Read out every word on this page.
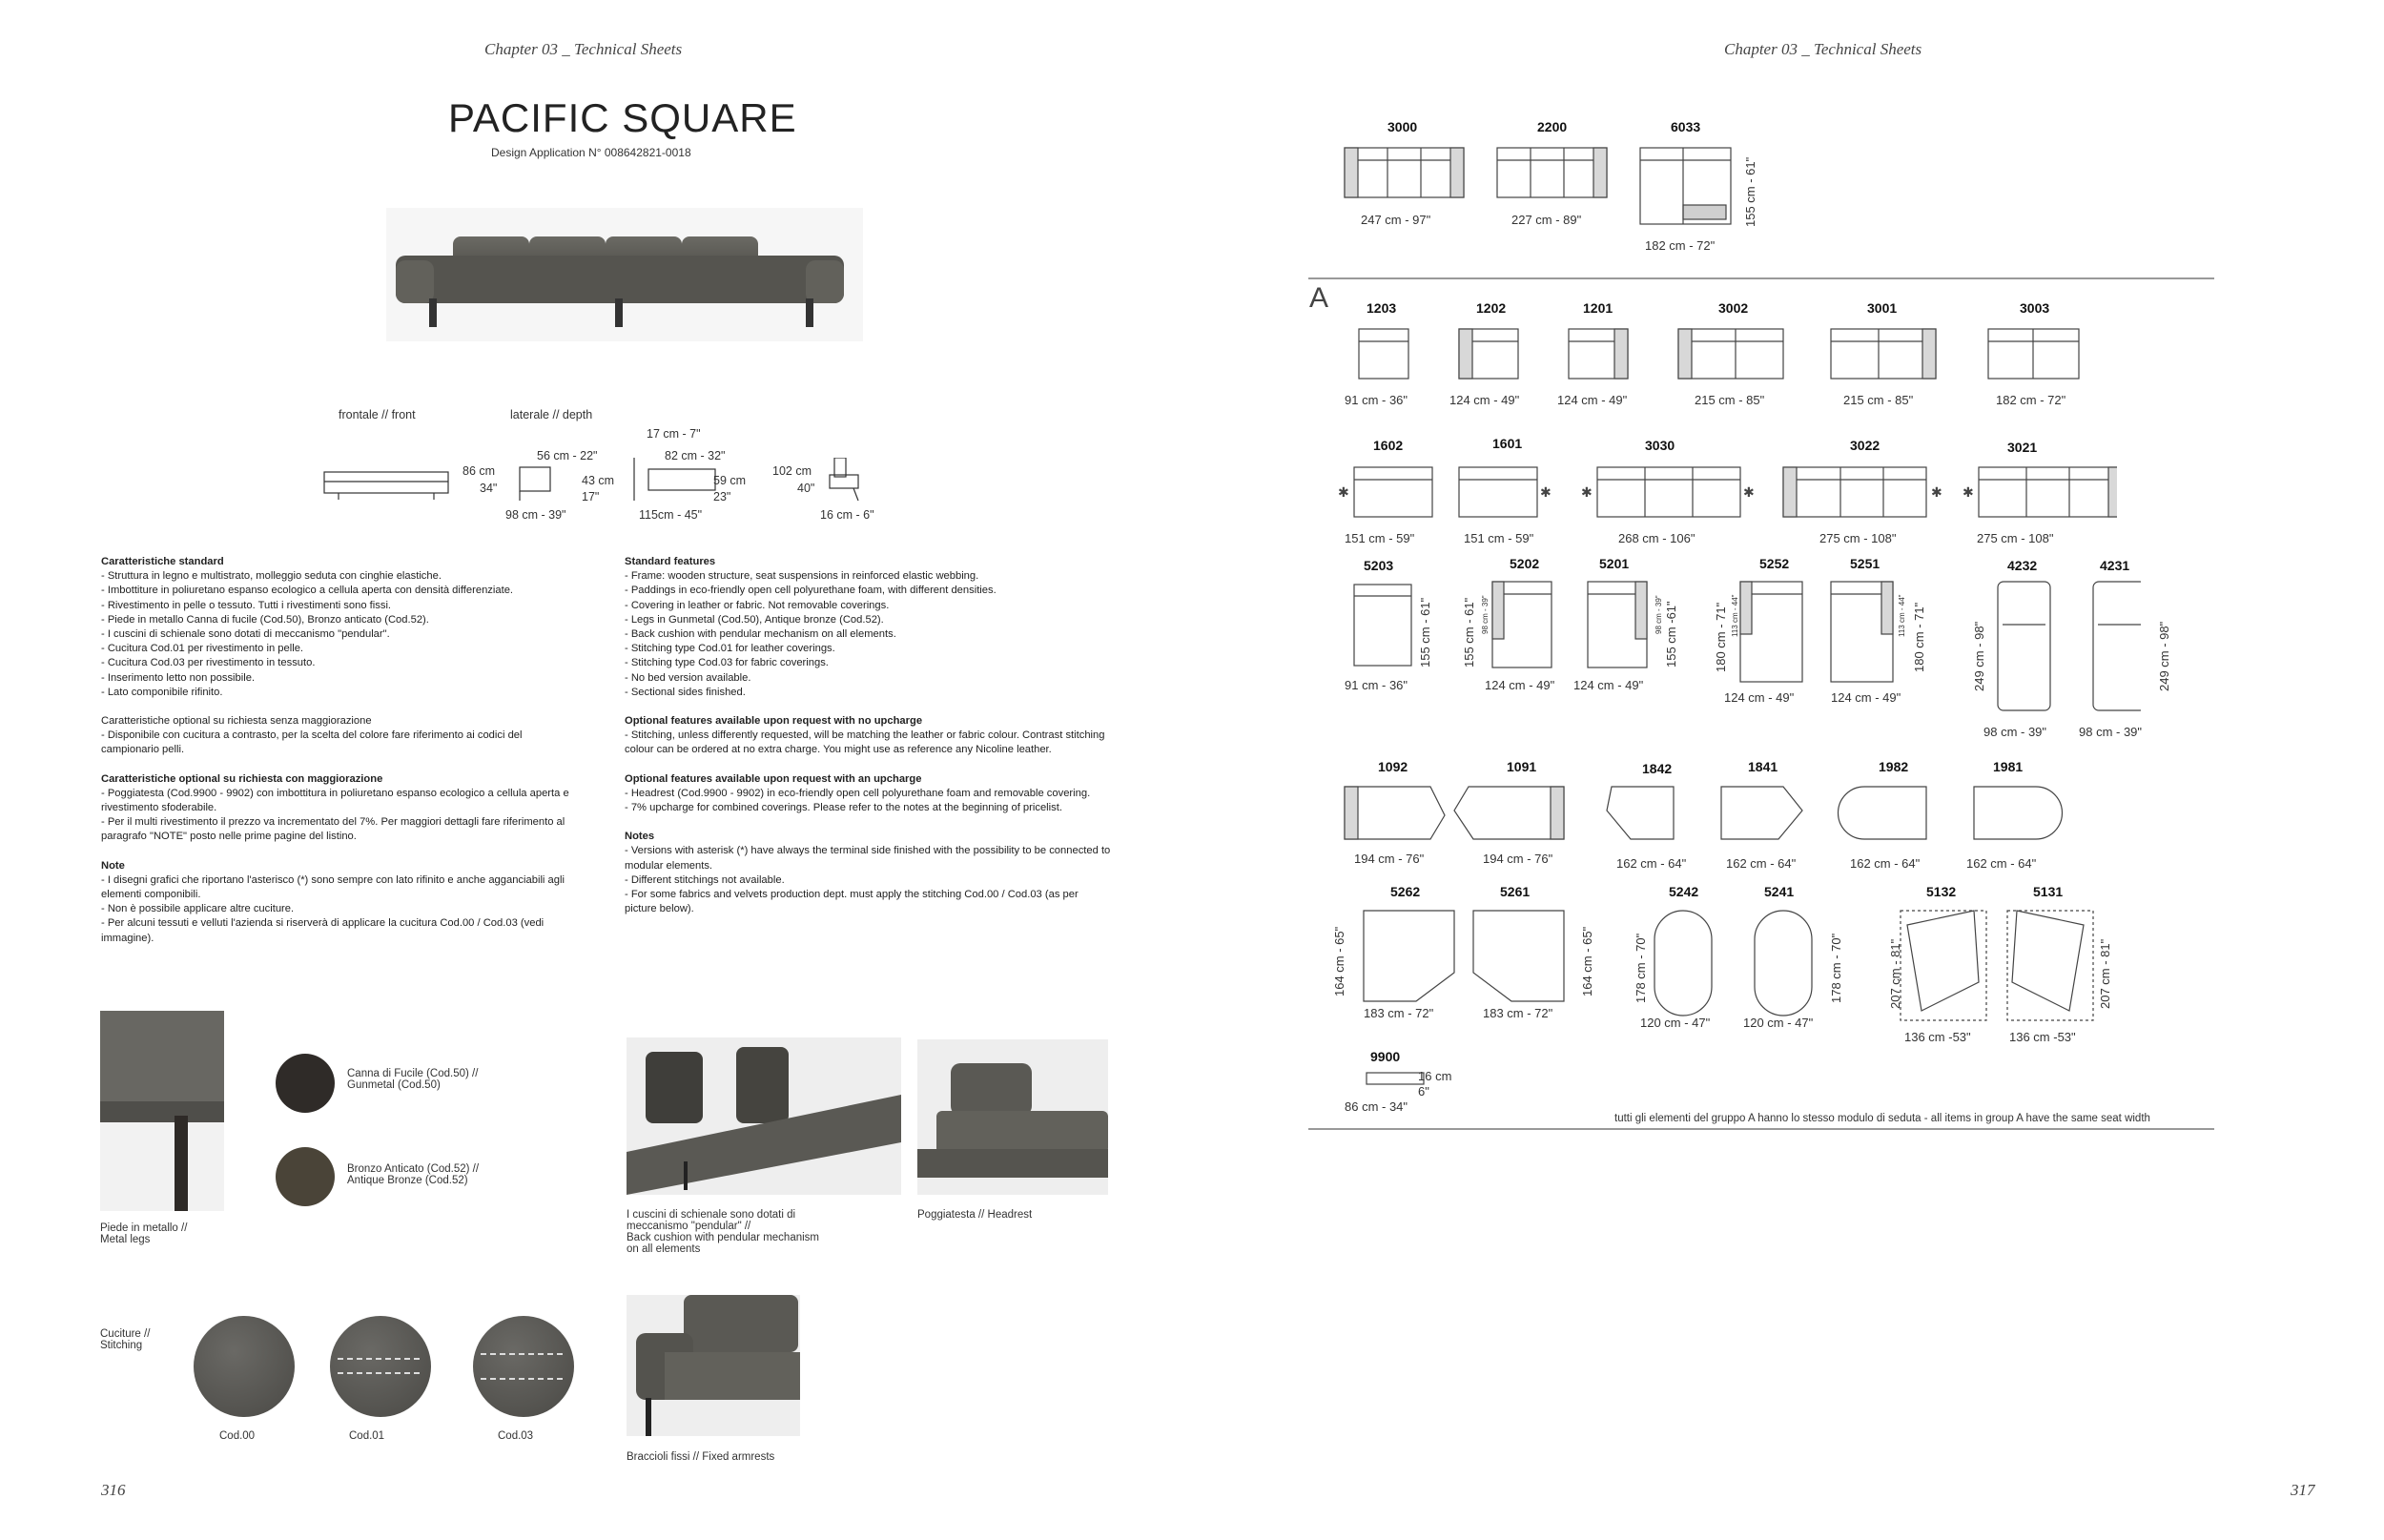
Chapter 03 _ Technical Sheets
PACIFIC SQUARE
Design Application N° 008642821-0018
frontale // front	laterale // depth
86 cm
34"
56 cm - 22"
43 cm
17"
98 cm - 39"
17 cm - 7"
82 cm - 32"
59 cm
23"
115cm - 45"
102 cm
40"
16 cm - 6"
Caratteristiche standard
- Struttura in legno e multistrato, molleggio seduta con cinghie elastiche.
- Imbottiture in poliuretano espanso ecologico a cellula aperta con densità differenziate.
- Rivestimento in pelle o tessuto. Tutti i rivestimenti sono fissi.
- Piede in metallo Canna di fucile (Cod.50), Bronzo anticato (Cod.52).
- I cuscini di schienale sono dotati di meccanismo "pendular".
- Cucitura Cod.01 per rivestimento in pelle.
- Cucitura Cod.03 per rivestimento in tessuto.
- Inserimento letto non possibile.
- Lato componibile rifinito.
Caratteristiche optional su richiesta senza maggiorazione
- Disponibile con cucitura a contrasto, per la scelta del colore fare riferimento ai codici del campionario pelli.
Caratteristiche optional su richiesta con maggiorazione
- Poggiatesta (Cod.9900 - 9902) con imbottitura in poliuretano espanso ecologico a cellula aperta e rivestimento sfoderabile.
- Per il multi rivestimento il prezzo va incrementato del 7%. Per maggiori dettagli fare riferimento al paragrafo "NOTE" posto nelle prime pagine del listino.
Note
- I disegni grafici che riportano l'asterisco (*) sono sempre con lato rifinito e anche agganciabili agli elementi componibili.
- Non è possibile applicare altre cuciture.
- Per alcuni tessuti e velluti l'azienda si riserverà di applicare la cucitura Cod.00 / Cod.03 (vedi immagine).
Standard features
- Frame: wooden structure, seat suspensions in reinforced elastic webbing.
- Paddings in eco-friendly open cell polyurethane foam, with different densities.
- Covering in leather or fabric. Not removable coverings.
- Legs in Gunmetal (Cod.50), Antique bronze (Cod.52).
- Back cushion with pendular mechanism on all elements.
- Stitching type Cod.01 for leather coverings.
- Stitching type Cod.03 for fabric coverings.
- No bed version available.
- Sectional sides finished.
Optional features available upon request with no upcharge
- Stitching, unless differently requested, will be matching the leather or fabric colour. Contrast stitching colour can be ordered at no extra charge. You might use as reference any Nicoline leather.
Optional features available upon request with an upcharge
- Headrest (Cod.9900 - 9902) in eco-friendly open cell polyurethane foam and removable covering.
- 7% upcharge for combined coverings. Please refer to the notes at the beginning of pricelist.
Notes
- Versions with asterisk (*) have always the terminal side finished with the possibility to be connected to modular elements.
- Different stitchings not available.
- For some fabrics and velvets production dept. must apply the stitching Cod.00 / Cod.03 (as per picture below).
Piede in metallo //
Metal legs
Canna di Fucile (Cod.50) //
Gunmetal (Cod.50)
Bronzo Anticato (Cod.52) //
Antique Bronze (Cod.52)
I cuscini di schienale sono dotati di
meccanismo "pendular" //
Back cushion with pendular mechanism
on all elements
Poggiatesta // Headrest
Cuciture //
Stitching
Cod.00	Cod.01	Cod.03
Braccioli fissi // Fixed armrests
316
Chapter 03 _ Technical Sheets
3000	2200	6033
247 cm - 97"	227 cm - 89"
182 cm - 72"
155 cm - 61"
A	1203	1202	1201	3002	3001	3003
91 cm - 36"	124 cm - 49"	124 cm - 49"	215 cm - 85"	215 cm - 85"	182 cm - 72"
1602	1601	3030	3022	3021
✱	✱ ✱	✱	✱ ✱
151 cm - 59"	151 cm - 59"	268 cm - 106"	275 cm - 108"	275 cm - 108"
5203	5202	5201	5252	5251	4232	4231
91 cm - 36"	124 cm - 49" 124 cm - 49"
124 cm - 49"	124 cm - 49"
98 cm - 39"	98 cm - 39"
155 cm - 61" 155 cm - 61" 98 cm - 39"	155 cm -61"
98 cm - 39"	180 cm - 71" 113 cm - 44"	180 cm - 71"
113 cm - 44"
249 cm - 98"	249 cm - 98"
1092	1091	1842	1841	1982	1981
194 cm - 76"	194 cm - 76"	162 cm - 64"	162 cm - 64"	162 cm - 64"	162 cm - 64"
5262	5261	5242	5241	5132	5131
183 cm - 72"	183 cm - 72"
120 cm - 47"	120 cm - 47"
136 cm -53"	136 cm -53"
164 cm - 65"	164 cm - 65"	178 cm - 70"	178 cm - 70"	207 cm - 81"	207 cm - 81"
9900
16 cm
6"
86 cm - 34"
tutti gli elementi del gruppo A hanno lo stesso modulo di seduta - all items in group A have the same seat width
317
